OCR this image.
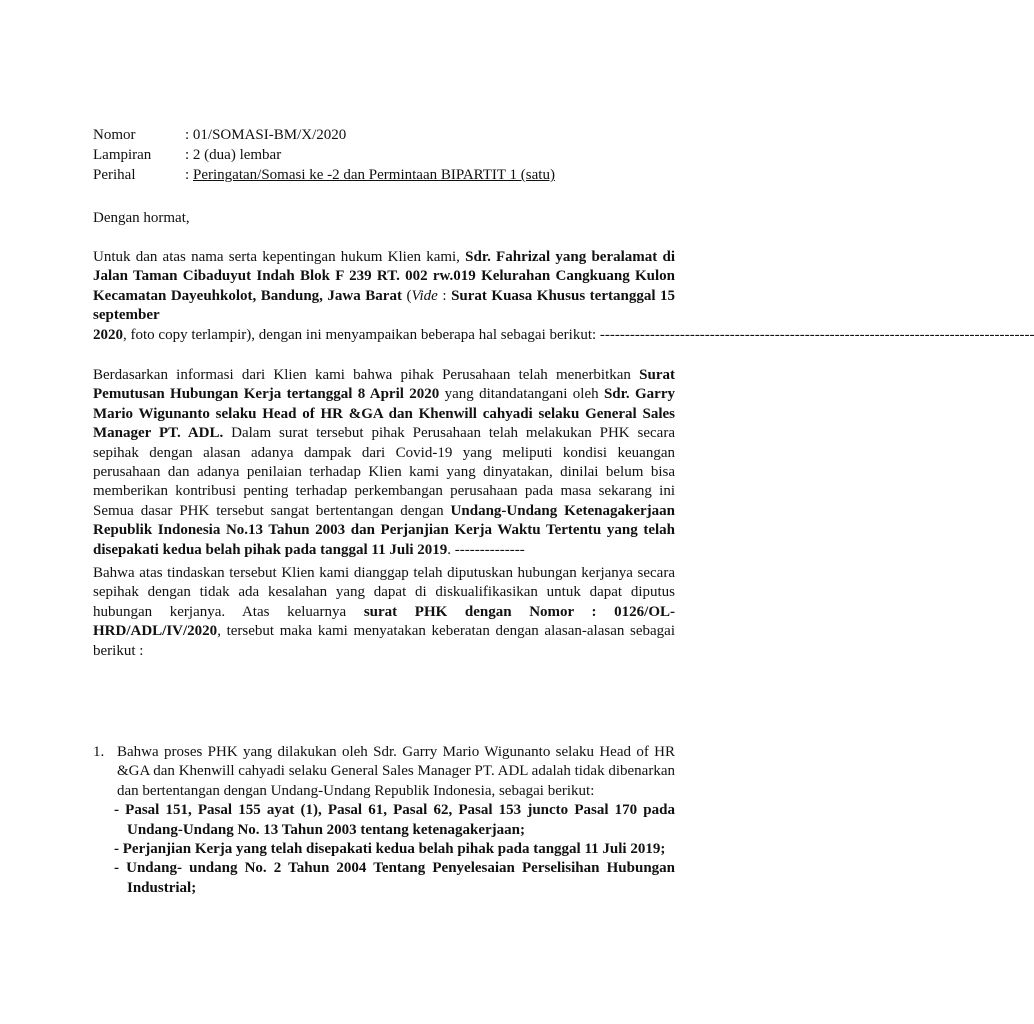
Nomor	: 01/SOMASI-BM/X/2020
Lampiran	: 2 (dua) lembar
Perihal	: Peringatan/Somasi ke -2 dan Permintaan BIPARTIT 1 (satu)

Dengan hormat,

Untuk dan atas nama serta kepentingan hukum Klien kami, Sdr. Fahrizal yang beralamat di Jalan Taman Cibaduyut Indah Blok F 239 RT. 002 rw.019 Kelurahan Cangkuang Kulon Kecamatan Dayeuhkolot, Bandung, Jawa Barat (Vide : Surat Kuasa Khusus tertanggal 15 september 2020, foto copy terlampir), dengan ini menyampaikan beberapa hal sebagai berikut: ---------------------------------------------------------------------------------------

Berdasarkan informasi dari Klien kami bahwa pihak Perusahaan telah menerbitkan Surat Pemutusan Hubungan Kerja tertanggal 8 April 2020 yang ditandatangani oleh Sdr. Garry Mario Wigunanto selaku Head of HR &GA dan Khenwill cahyadi selaku General Sales Manager PT. ADL. Dalam surat tersebut pihak Perusahaan telah melakukan PHK secara sepihak dengan alasan adanya dampak dari Covid-19 yang meliputi kondisi keuangan perusahaan dan adanya penilaian terhadap Klien kami yang dinyatakan, dinilai belum bisa memberikan kontribusi penting terhadap perkembangan perusahaan pada masa sekarang ini Semua dasar PHK tersebut sangat bertentangan dengan Undang-Undang Ketenagakerjaan Republik Indonesia No.13 Tahun 2003 dan Perjanjian Kerja Waktu Tertentu yang telah disepakati kedua belah pihak pada tanggal 11 Juli 2019. --------------

Bahwa atas tindaskan tersebut Klien kami dianggap telah diputuskan hubungan kerjanya secara sepihak dengan tidak ada kesalahan yang dapat di diskualifikasikan untuk dapat diputus hubungan kerjanya. Atas keluarnya surat PHK dengan Nomor : 0126/OL-HRD/ADL/IV/2020, tersebut maka kami menyatakan keberatan dengan alasan-alasan sebagai berikut :

1. Bahwa proses PHK yang dilakukan oleh Sdr. Garry Mario Wigunanto selaku Head of HR &GA dan Khenwill cahyadi selaku General Sales Manager PT. ADL adalah tidak dibenarkan dan bertentangan dengan Undang-Undang Republik Indonesia, sebagai berikut:
- Pasal 151, Pasal 155 ayat (1), Pasal 61, Pasal 62, Pasal 153 juncto Pasal 170 pada Undang-Undang No. 13 Tahun 2003 tentang ketenagakerjaan;
- Perjanjian Kerja yang telah disepakati kedua belah pihak pada tanggal 11 Juli 2019;
- Undang- undang No. 2 Tahun 2004 Tentang Penyelesaian Perselisihan Hubungan Industrial;
